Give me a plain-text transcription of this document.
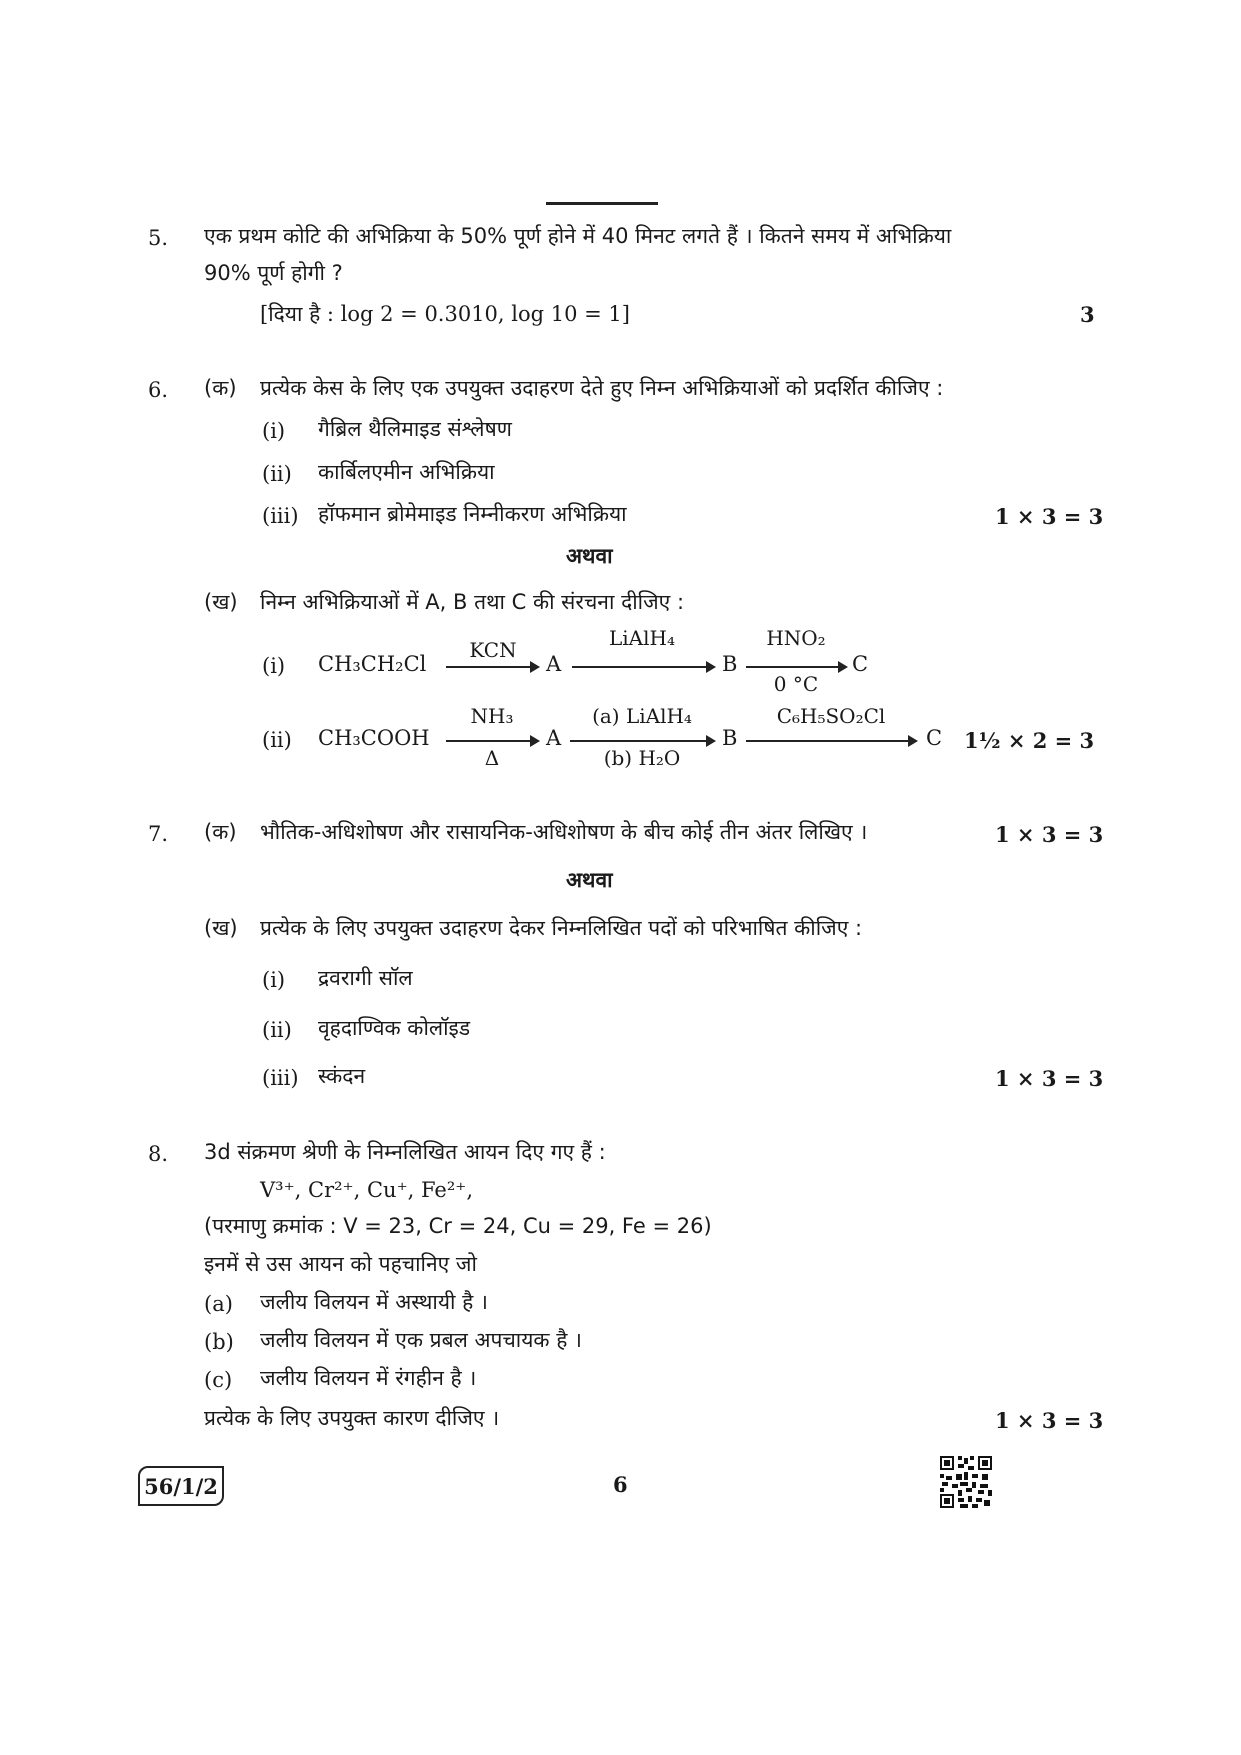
5. एक प्रथम कोटि की अभिक्रिया के 50% पूर्ण होने में 40 मिनट लगते हैं । कितने समय में अभिक्रिया
90% पूर्ण होगी ?
[दिया है : log 2 = 0.3010, log 10 = 1]	3
6. (क) प्रत्येक केस के लिए एक उपयुक्त उदाहरण देते हुए निम्न अभिक्रियाओं को प्रदर्शित कीजिए :
(i) गैब्रिल थैलिमाइड संश्लेषण
(ii) कार्बिलएमीन अभिक्रिया
(iii) हॉफमान ब्रोमेमाइड निम्नीकरण अभिक्रिया	1 × 3 = 3
अथवा
(ख) निम्न अभिक्रियाओं में A, B तथा C की संरचना दीजिए :
(i) CH₃CH₂Cl
KCN
A
LiAlH₄
B
HNO₂
0 °C
C
(ii) CH₃COOH
NH₃
Δ
A
(a) LiAlH₄
(b) H₂O
B
C₆H₅SO₂Cl
C 1½ × 2 = 3
7. (क) भौतिक-अधिशोषण और रासायनिक-अधिशोषण के बीच कोई तीन अंतर लिखिए ।	1 × 3 = 3
अथवा
(ख) प्रत्येक के लिए उपयुक्त उदाहरण देकर निम्नलिखित पदों को परिभाषित कीजिए :
(i) द्रवरागी सॉल
(ii) वृहदाण्विक कोलॉइड
(iii) स्कंदन	1 × 3 = 3
8. 3d संक्रमण श्रेणी के निम्नलिखित आयन दिए गए हैं :
V³⁺, Cr²⁺, Cu⁺, Fe²⁺,
(परमाणु क्रमांक : V = 23, Cr = 24, Cu = 29, Fe = 26)
इनमें से उस आयन को पहचानिए जो
(a) जलीय विलयन में अस्थायी है ।
(b) जलीय विलयन में एक प्रबल अपचायक है ।
(c) जलीय विलयन में रंगहीन है ।
प्रत्येक के लिए उपयुक्त कारण दीजिए ।	1 × 3 = 3
56/1/2	6
